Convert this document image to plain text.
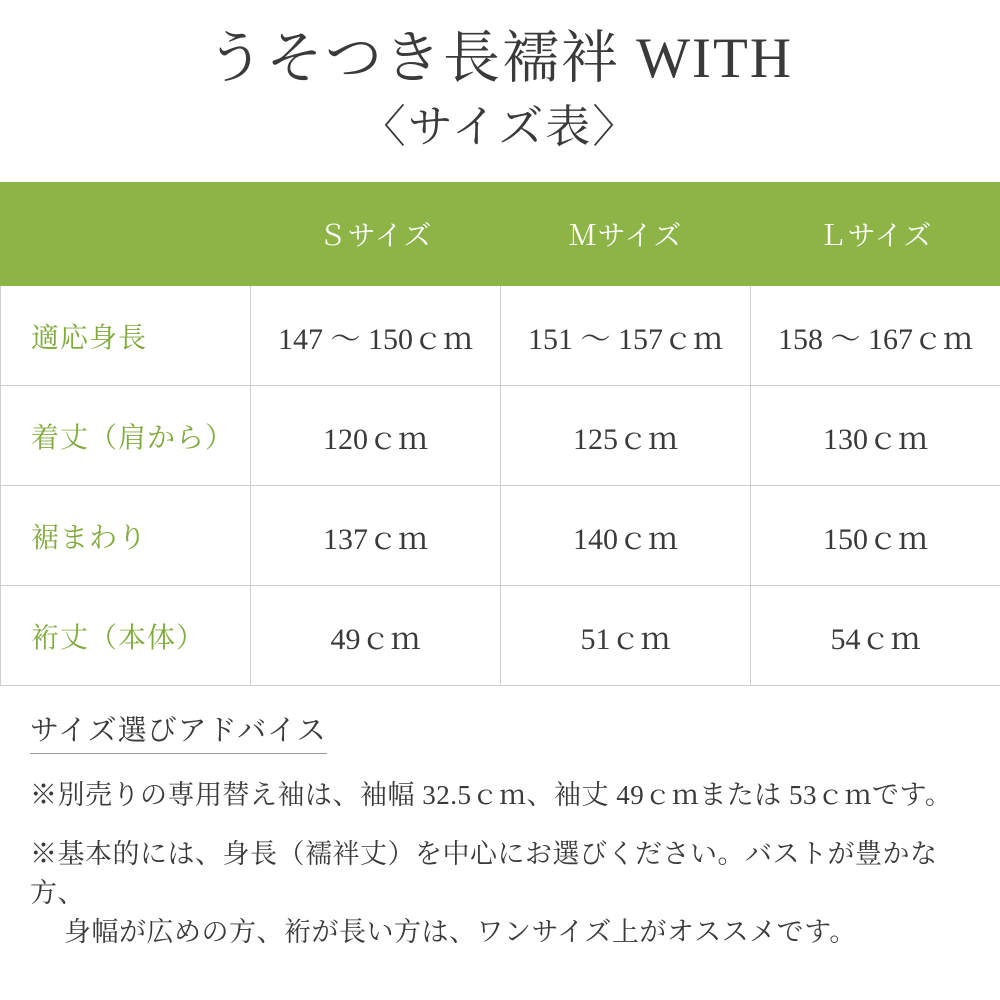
うそつき長襦袢 WITH
〈サイズ表〉
	Ｓサイズ	Ｍサイズ	Ｌサイズ
適応身長	147 〜 150ｃｍ	151 〜 157ｃｍ	158 〜 167ｃｍ
着丈（肩から）	120ｃｍ	125ｃｍ	130ｃｍ
裾まわり	137ｃｍ	140ｃｍ	150ｃｍ
裄丈（本体）	49ｃｍ	51ｃｍ	54ｃｍ
サイズ選びアドバイス
※別売りの専用替え袖は、袖幅 32.5ｃｍ、袖丈 49ｃｍまたは 53ｃｍです。
※基本的には、身長（襦袢丈）を中心にお選びください。バストが豊かな方、
身幅が広めの方、裄が長い方は、ワンサイズ上がオススメです。
